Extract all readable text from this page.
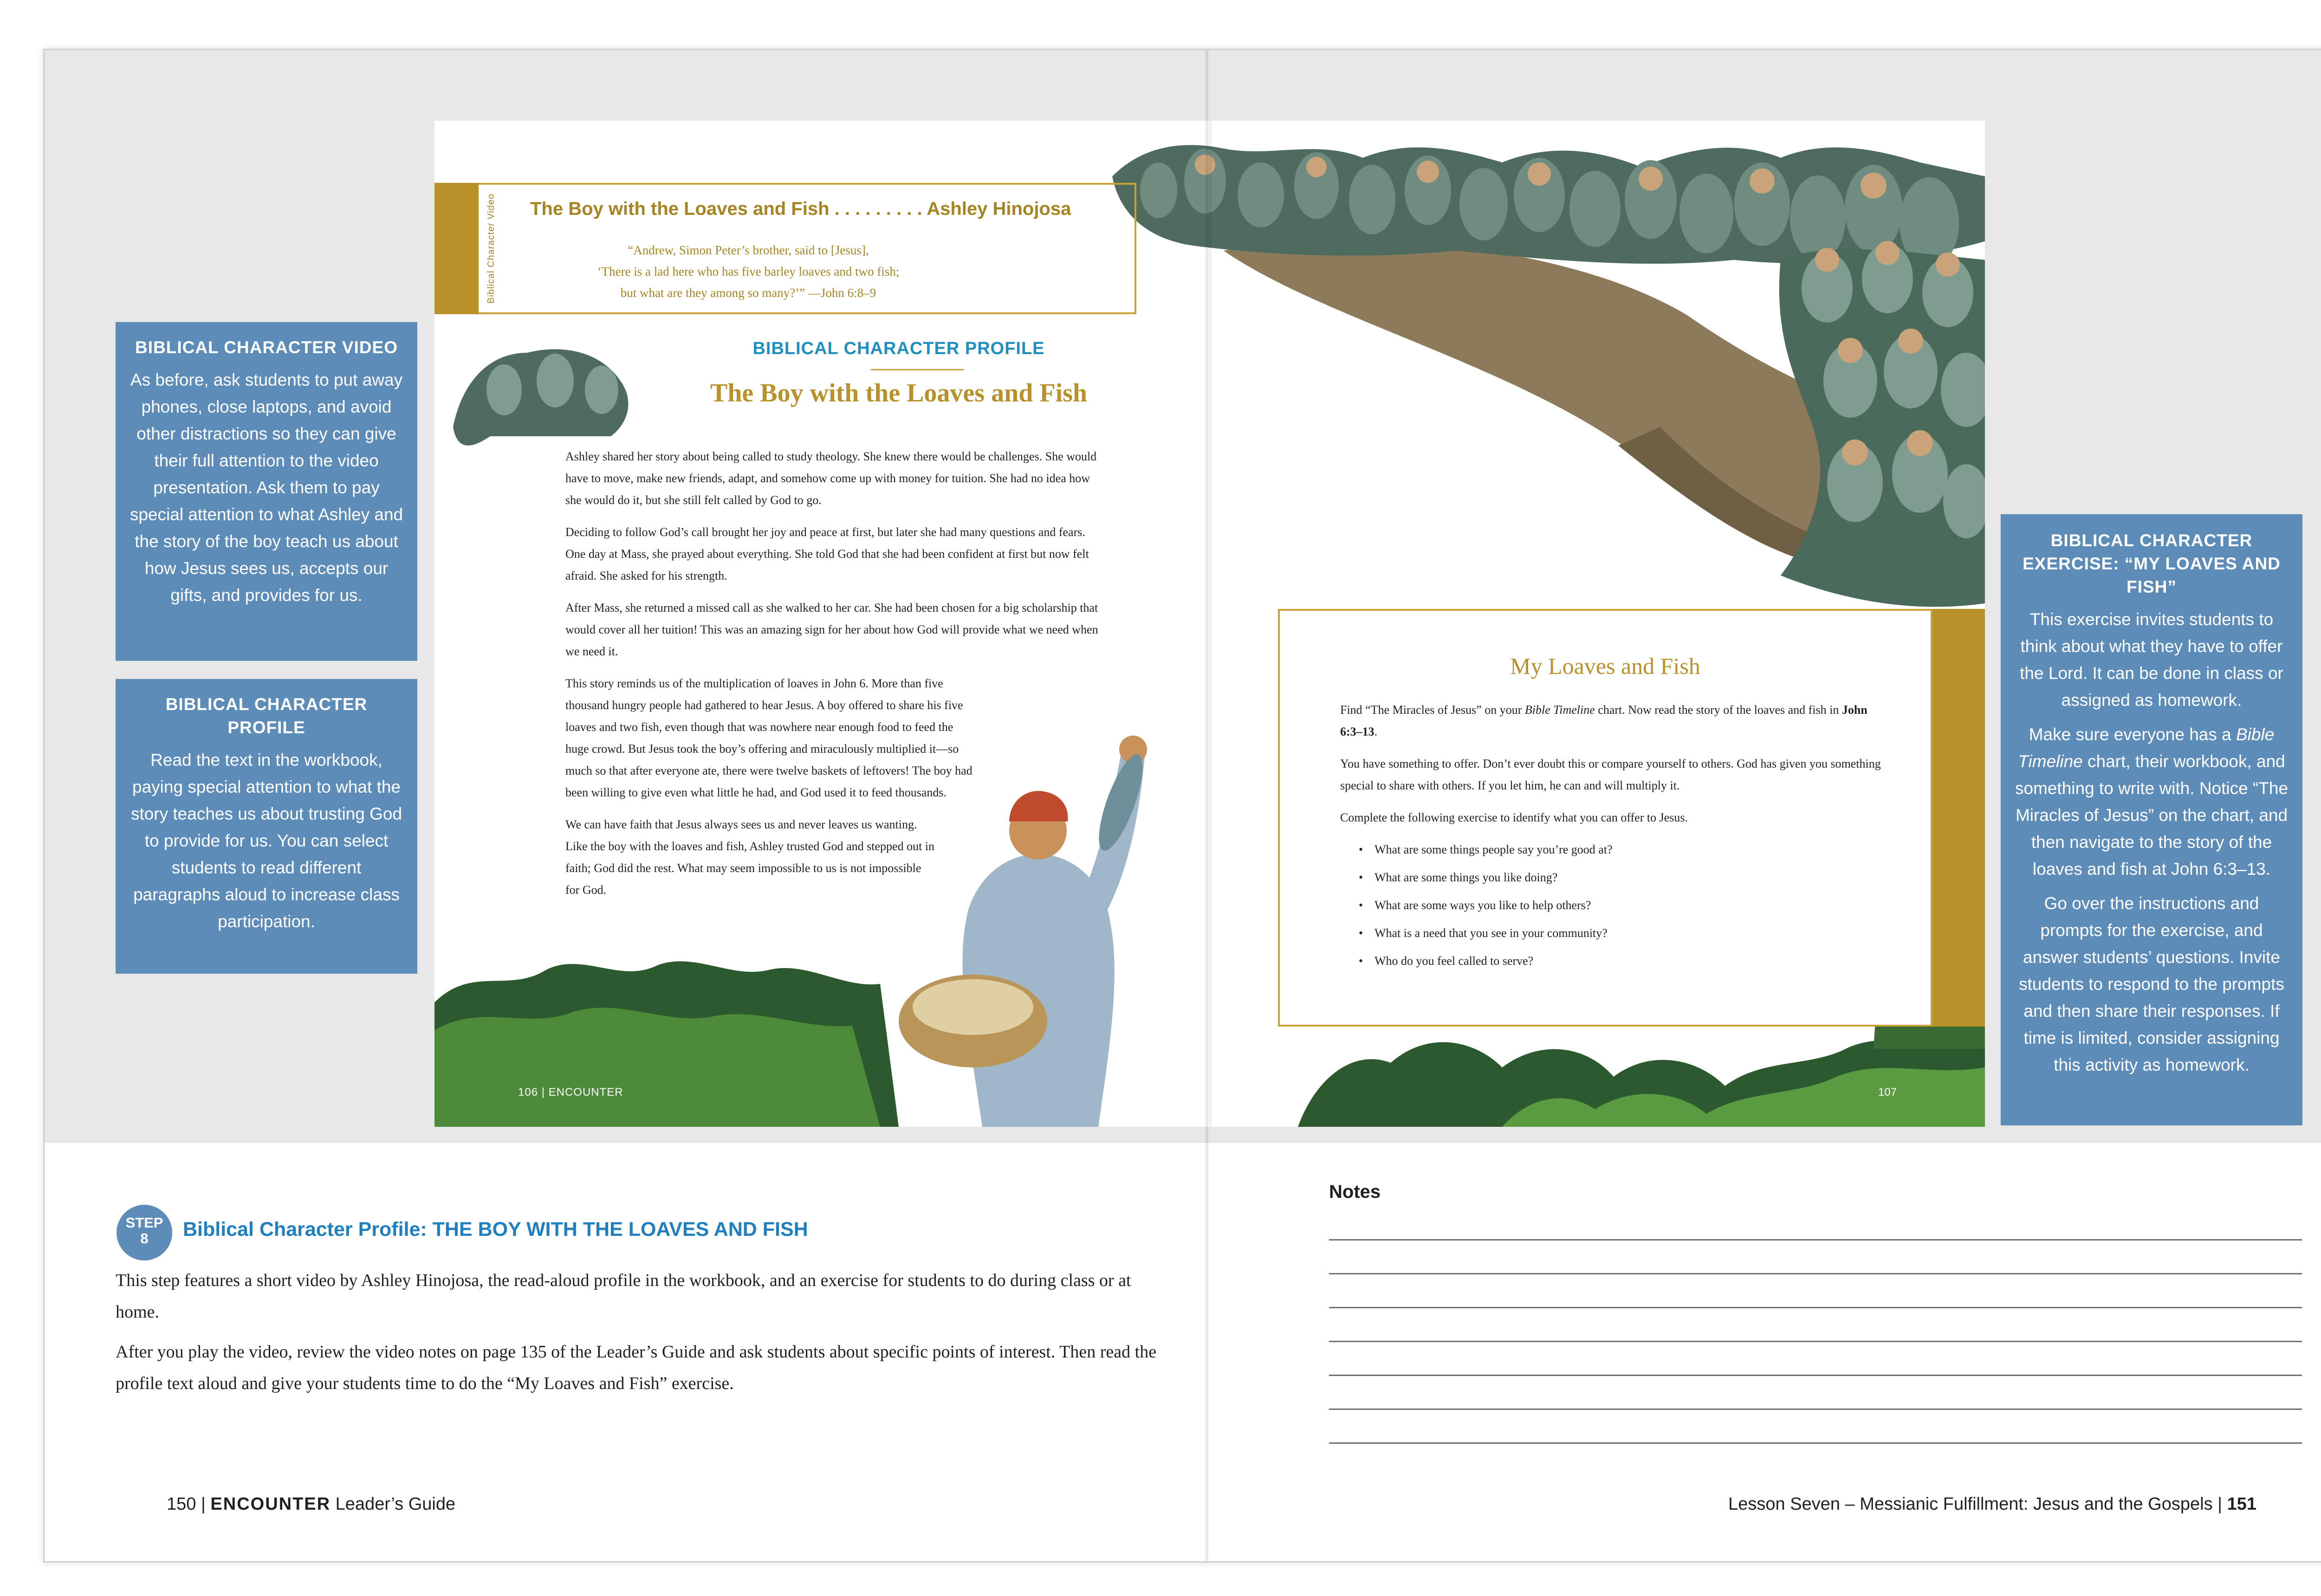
Biblical Character Video The Boy with the Loaves and Fish . . . . . . . . . Ashley Hinojosa
“Andrew, Simon Peter’s brother, said to [Jesus],
‘There is a lad here who has five barley loaves and two fish;
but what are they among so many?’” —John 6:8–9
BIBLICAL CHARACTER PROFILE
The Boy with the Loaves and Fish

Ashley shared her story about being called to study theology. She knew there would be challenges. She would have to move, make new friends, adapt, and somehow come up with money for tuition. She had no idea how she would do it, but she still felt called by God to go.

Deciding to follow God’s call brought her joy and peace at first, but later she had many questions and fears. One day at Mass, she prayed about everything. She told God that she had been confident at first but now felt afraid. She asked for his strength.

After Mass, she returned a missed call as she walked to her car. She had been chosen for a big scholarship that would cover all her tuition! This was an amazing sign for her about how God will provide what we need when we need it.

This story reminds us of the multiplication of loaves in John 6. More than five thousand hungry people had gathered to hear Jesus. A boy offered to share his five loaves and two fish, even though that was nowhere near enough food to feed the huge crowd. But Jesus took the boy’s offering and miraculously multiplied it—so much so that after everyone ate, there were twelve baskets of leftovers! The boy had been willing to give even what little he had, and God used it to feed thousands.

We can have faith that Jesus always sees us and never leaves us wanting. Like the boy with the loaves and fish, Ashley trusted God and stepped out in faith; God did the rest. What may seem impossible to us is not impossible for God.

106 | ENCOUNTER	107
My Loaves and Fish

Find “The Miracles of Jesus” on your Bible Timeline chart. Now read the story of the loaves and fish in John 6:3–13.

You have something to offer. Don’t ever doubt this or compare yourself to others. God has given you something special to share with others. If you let him, he can and will multiply it.

Complete the following exercise to identify what you can offer to Jesus.

• What are some things people say you’re good at?
• What are some things you like doing?
• What are some ways you like to help others?
• What is a need that you see in your community?
• Who do you feel called to serve?
BIBLICAL CHARACTER VIDEO

As before, ask students to put away phones, close laptops, and avoid other distractions so they can give their full attention to the video presentation. Ask them to pay special attention to what Ashley and the story of the boy teach us about how Jesus sees us, accepts our gifts, and provides for us.

BIBLICAL CHARACTER PROFILE

Read the text in the workbook, paying special attention to what the story teaches us about trusting God to provide for us. You can select students to read different paragraphs aloud to increase class participation.

BIBLICAL CHARACTER EXERCISE: “MY LOAVES AND FISH”

This exercise invites students to think about what they have to offer the Lord. It can be done in class or assigned as homework.

Make sure everyone has a Bible Timeline chart, their workbook, and something to write with. Notice “The Miracles of Jesus” on the chart, and then navigate to the story of the loaves and fish at John 6:3–13.

Go over the instructions and prompts for the exercise, and answer students’ questions. Invite students to respond to the prompts and then share their responses. If time is limited, consider assigning this activity as homework.

STEP
8	Biblical Character Profile: THE BOY WITH THE LOAVES AND FISH

This step features a short video by Ashley Hinojosa, the read-aloud profile in the workbook, and an exercise for students to do during class or at home.

After you play the video, review the video notes on page 135 of the Leader’s Guide and ask students about specific points of interest. Then read the profile text aloud and give your students time to do the “My Loaves and Fish” exercise.

Notes
150 | ENCOUNTER Leader’s Guide	Lesson Seven – Messianic Fulfillment: Jesus and the Gospels | 151
